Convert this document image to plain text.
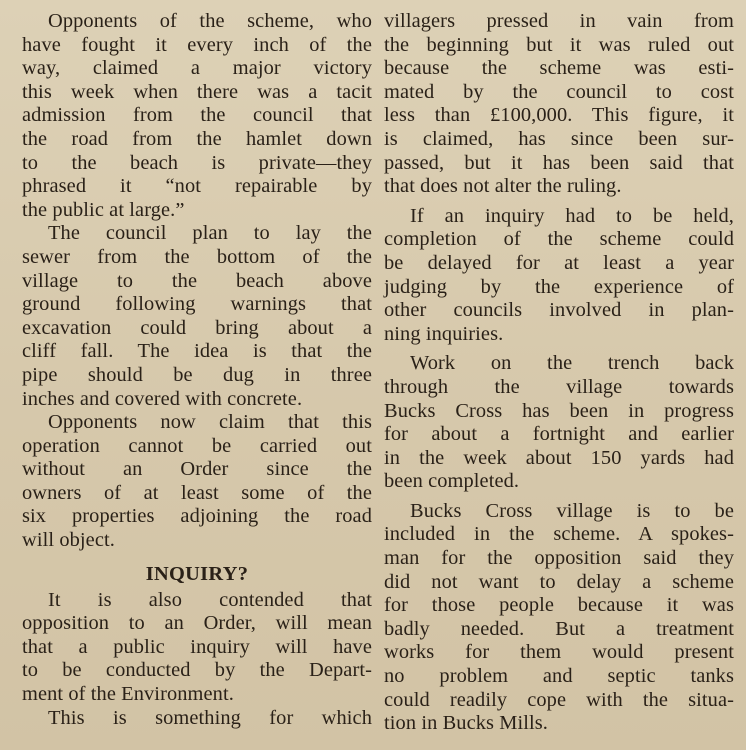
Opponents of the scheme, who
have fought it every inch of the
way, claimed a major victory
this week when there was a tacit
admission from the council that
the road from the hamlet down
to the beach is private—they
phrased it “not repairable by
the public at large.”
The council plan to lay the
sewer from the bottom of the
village to the beach above
ground following warnings that
excavation could bring about a
cliff fall. The idea is that the
pipe should be dug in three
inches and covered with concrete.
Opponents now claim that this
operation cannot be carried out
without an Order since the
owners of at least some of the
six properties adjoining the road
will object.
INQUIRY?
It is also contended that
opposition to an Order, will mean
that a public inquiry will have
to be conducted by the Depart-
ment of the Environment.
This is something for which
villagers pressed in vain from
the beginning but it was ruled out
because the scheme was esti-
mated by the council to cost
less than £100,000. This figure, it
is claimed, has since been sur-
passed, but it has been said that
that does not alter the ruling.
If an inquiry had to be held,
completion of the scheme could
be delayed for at least a year
judging by the experience of
other councils involved in plan-
ning inquiries.
Work on the trench back
through the village towards
Bucks Cross has been in progress
for about a fortnight and earlier
in the week about 150 yards had
been completed.
Bucks Cross village is to be
included in the scheme. A spokes-
man for the opposition said they
did not want to delay a scheme
for those people because it was
badly needed. But a treatment
works for them would present
no problem and septic tanks
could readily cope with the situa-
tion in Bucks Mills.
